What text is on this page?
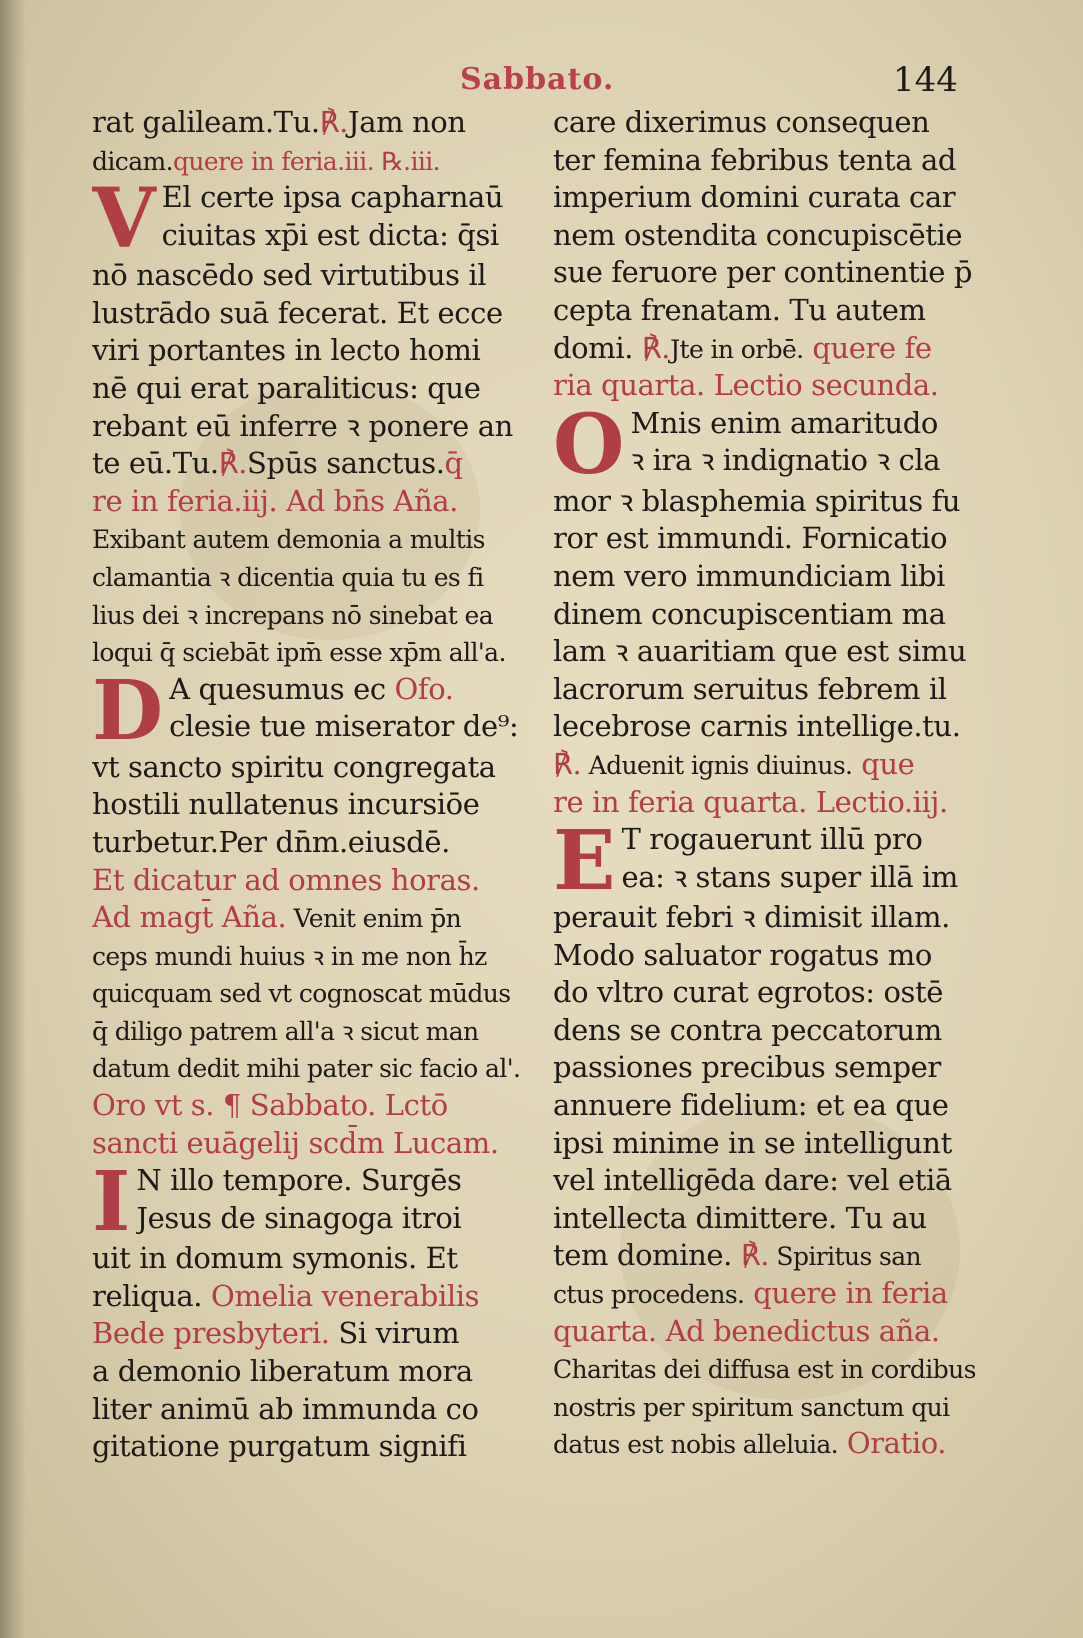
Sabbato.	144
rat galileam.Tu.℟.Jam non
dicam.quere in feria.iii. ℞.iii.
V El certe ipsa capharnaū
ciuitas xp̄i est dicta: q̄si
nō nascēdo sed virtutibus il
lustrādo suā fecerat. Et ecce
viri portantes in lecto homi
nē qui erat paraliticus: que
rebant eū inferre ꝛ ponere an
te eū.Tu.℟.Spūs sanctus.q̄
re in feria.iij. Ad bn̄s Aña.
Exibant autem demonia a multis
clamantia ꝛ dicentia quia tu es fi
lius dei ꝛ increpans nō sinebat ea
loqui q̄ sciebāt ipm̄ esse xp̄m all'a.
D A quesumus ec Ofo.
clesie tue miserator de⁹:
vt sancto spiritu congregata
hostili nullatenus incursiōe
turbetur.Per dn̄m.eiusdē.
Et dicatur ad omnes horas.
Ad magt̄ Aña. Venit enim p̄n
ceps mundi huius ꝛ in me non h̄z
quicquam sed vt cognoscat mūdus
q̄ diligo patrem all'a ꝛ sicut man
datum dedit mihi pater sic facio al'.
Oro vt s. ¶ Sabbato. Lctō
sancti euāgelij scd̄m Lucam.
I N illo tempore. Surgēs
Jesus de sinagoga itroi
uit in domum symonis. Et
reliqua. Omelia venerabilis
Bede presbyteri. Si virum
a demonio liberatum mora
liter animū ab immunda co
gitatione purgatum signifi
care dixerimus consequen
ter femina febribus tenta ad
imperium domini curata car
nem ostendita concupiscētie
sue feruore per continentie p̄
cepta frenatam. Tu autem
domi. ℟.Jte in orbē. quere fe
ria quarta. Lectio secunda.
O Mnis enim amaritudo
ꝛ ira ꝛ indignatio ꝛ cla
mor ꝛ blasphemia spiritus fu
ror est immundi. Fornicatio
nem vero immundiciam libi
dinem concupiscentiam ma
lam ꝛ auaritiam que est simu
lacrorum seruitus febrem il
lecebrose carnis intellige.tu.
℟. Aduenit ignis diuinus. que
re in feria quarta. Lectio.iij.
E T rogauerunt illū pro
ea: ꝛ stans super illā im
perauit febri ꝛ dimisit illam.
Modo saluator rogatus mo
do vltro curat egrotos: ostē
dens se contra peccatorum
passiones precibus semper
annuere fidelium: et ea que
ipsi minime in se intelligunt
vel intelligēda dare: vel etiā
intellecta dimittere. Tu au
tem domine. ℟. Spiritus san
ctus procedens. quere in feria
quarta. Ad benedictus aña.
Charitas dei diffusa est in cordibus
nostris per spiritum sanctum qui
datus est nobis alleluia. Oratio.
